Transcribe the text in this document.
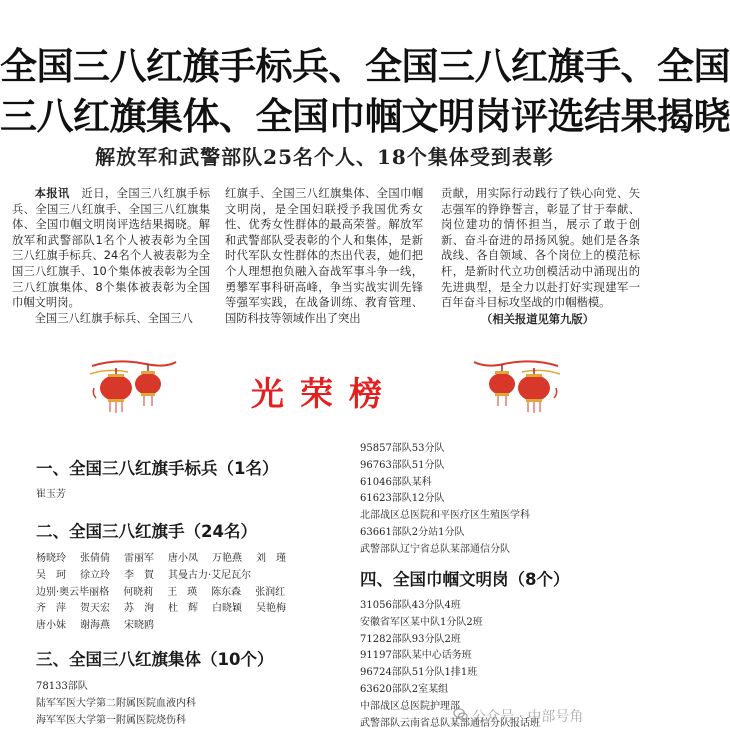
全国三八红旗手标兵、全国三八红旗手、全国
三八红旗集体、全国巾帼文明岗评选结果揭晓
解放军和武警部队25名个人、18个集体受到表彰

本报讯　 近日，全国三八红旗手标兵、全国三八红旗手、全国三八红旗集体、全国巾帼文明岗评选结果揭晓。解放军和武警部队1名个人被表彰为全国三八红旗手标兵、24名个人被表彰为全国三八红旗手、10个集体被表彰为全国三八红旗集体、8个集体被表彰为全国巾帼文明岗。

全国三八红旗手标兵、全国三八

红旗手、全国三八红旗集体、全国巾帼文明岗，是全国妇联授予我国优秀女性、优秀女性群体的最高荣誉。解放军和武警部队受表彰的个人和集体，是新时代军队女性群体的杰出代表，她们把个人理想抱负融入奋战军事斗争一线，勇攀军事科研高峰，争当实战实训先锋等强军实践，在战备训练、教育管理、国防科技等领域作出了突出

贡献，用实际行动践行了铁心向党、矢志强军的铮铮誓言，彰显了甘于奉献、岗位建功的情怀担当，展示了敢于创新、奋斗奋进的昂扬风貌。她们是各条战线、各自领域、各个岗位上的模范标杆，是新时代立功创模活动中涌现出的先进典型，是全力以赴打好实现建军一百年奋斗目标攻坚战的巾帼楷模。

（相关报道见第九版）
光荣榜
一、全国三八红旗手标兵（1名）
崔玉芳
二、全国三八红旗手（24名）
杨晓玲 张倩倩 雷丽军 唐小凤 万艳燕 刘　瑾
吴　珂 徐立玲 李　賀 其曼古力·艾尼瓦尔
边别·奥云毕丽格 何晓莉 王　瑛 陈东森 张润红
齐　萍 贺天宏 苏　洵 杜　辉 白晓颖 吴艳梅
唐小妹 谢海燕 宋晓鸥
三、全国三八红旗集体（10个）
78133部队
陆军军医大学第二附属医院血液内科
海军军医大学第一附属医院烧伤科
95857部队53分队
96763部队51分队
61046部队某科
61623部队12分队
北部战区总医院和平医疗区生殖医学科
63661部队2分站1分队
武警部队辽宁省总队某部通信分队
四、全国巾帼文明岗（8个）
31056部队43分队4班
安徽省军区某中队1分队2班
71282部队93分队2班
91197部队某中心话务班
96724部队51分队1排1班
63620部队2室某组
中部战区总医院护理部
武警部队云南省总队某部通信分队报话班
公众号 · 中部号角
